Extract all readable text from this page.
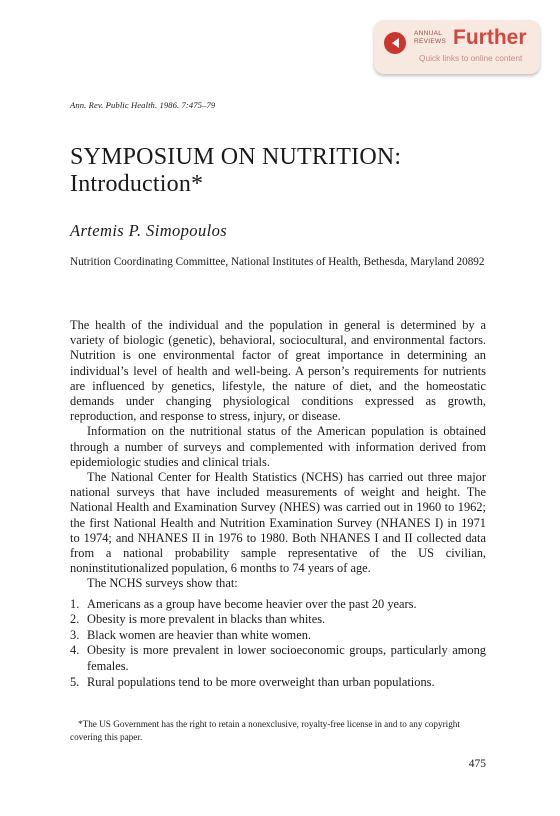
ANNUAL
REVIEWS Further
Quick links to online content
Ann. Rev. Public Health. 1986. 7:475–79
SYMPOSIUM ON NUTRITION:
Introduction*
Artemis P. Simopoulos
Nutrition Coordinating Committee, National Institutes of Health, Bethesda, Maryland 20892

The health of the individual and the population in general is determined by a variety of biologic (genetic), behavioral, sociocultural, and environmental factors. Nutrition is one environmental factor of great importance in determining an individual’s level of health and well-being. A person’s requirements for nutrients are influenced by genetics, lifestyle, the nature of diet, and the homeostatic demands under changing physiological conditions expressed as growth, reproduction, and response to stress, injury, or disease.

Information on the nutritional status of the American population is obtained through a number of surveys and complemented with information derived from epidemiologic studies and clinical trials.

The National Center for Health Statistics (NCHS) has carried out three major national surveys that have included measurements of weight and height. The National Health and Examination Survey (NHES) was carried out in 1960 to 1962; the first National Health and Nutrition Examination Survey (NHANES I) in 1971 to 1974; and NHANES II in 1976 to 1980. Both NHANES I and II collected data from a national probability sample representative of the US civilian, noninstitutionalized population, 6 months to 74 years of age.

The NCHS surveys show that:

1. Americans as a group have become heavier over the past 20 years.
2. Obesity is more prevalent in blacks than whites.
3. Black women are heavier than white women.
4. Obesity is more prevalent in lower socioeconomic groups, particularly among females.
5. Rural populations tend to be more overweight than urban populations.
*The US Government has the right to retain a nonexclusive, royalty-free license in and to any copyright covering this paper.
475
